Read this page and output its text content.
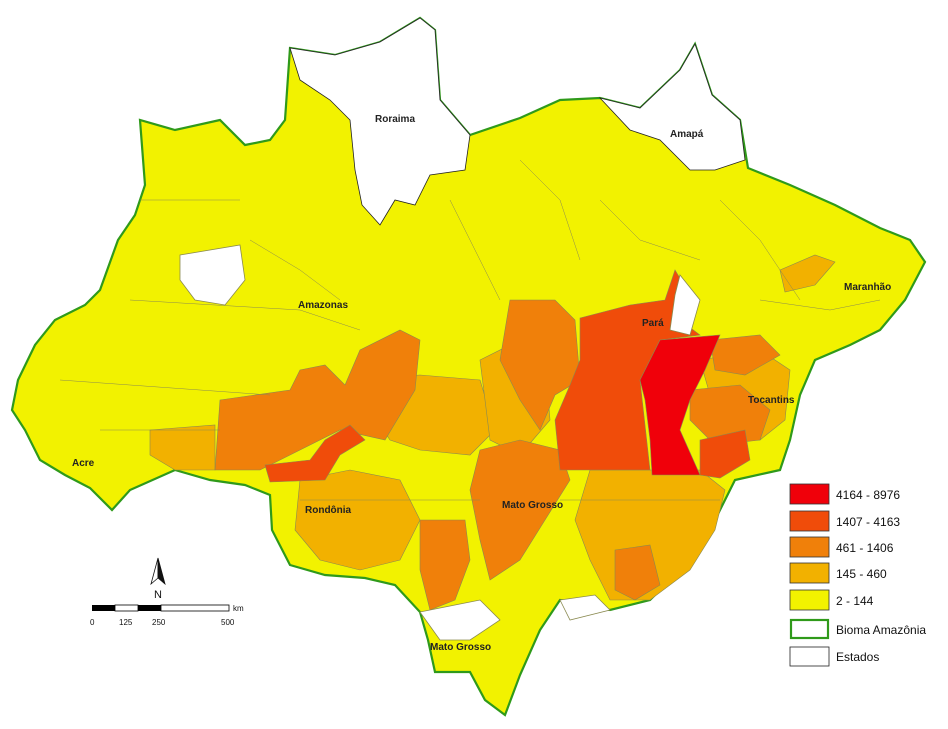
Roraima
Amapá
Amazonas
Pará
Maranhão
Tocantins
Acre
Rondônia	Mato Grosso
Mato Grosso
N
km
0	125 250	500
4164 - 8976
1407 - 4163
461 - 1406
145 - 460
2 - 144
Bioma Amazônia
Estados
